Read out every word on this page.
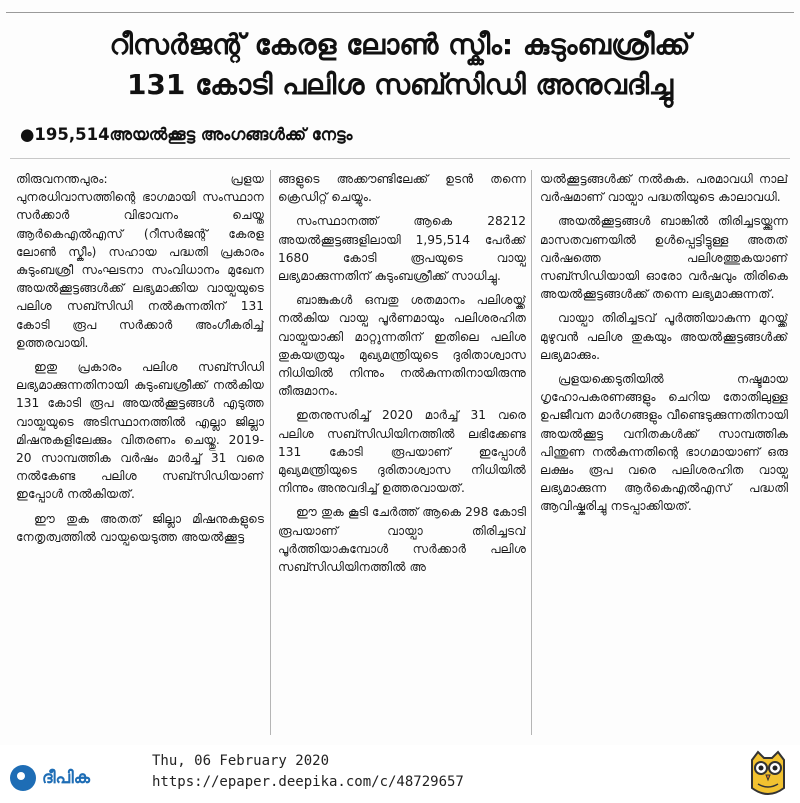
റീസർജന്റ് കേരള ലോൺ സ്കീം: കുടുംബശ്രീക്ക്
131 കോടി പലിശ സബ്സിഡി അനുവദിച്ചു
●195,514അയൽക്കൂട്ട അംഗങ്ങൾക്ക് നേട്ടം

തിരുവനന്തപുരം: പ്രളയ പുനരധിവാസത്തിന്റെ ഭാഗമായി സംസ്ഥാന സർക്കാർ വിഭാവനം ചെയ്ത ആർകെഎൽഎസ് (റീസർജന്റ് കേരള ലോൺ സ്കീം) സഹായ പദ്ധതി പ്രകാരം കുടുംബശ്രീ സംഘടനാ സംവിധാനം മുഖേന അയൽക്കൂട്ടങ്ങൾക്ക് ലഭ്യമാക്കിയ വായ്പയുടെ പലിശ സബ്സിഡി നൽകുന്നതിന് 131 കോടി രൂപ സർക്കാർ അംഗീകരിച്ച് ഉത്തരവായി.

ഇതു പ്രകാരം പലിശ സബ്സിഡി ലഭ്യമാക്കുന്നതിനായി കുടുംബശ്രീക്ക് നൽകിയ 131 കോടി രൂപ അയൽക്കൂട്ടങ്ങൾ എടുത്ത വായ്പയുടെ അടിസ്ഥാനത്തിൽ എല്ലാ ജില്ലാ മിഷനുകളിലേക്കും വിതരണം ചെയ്തു. 2019-20 സാമ്പത്തിക വർഷം മാർച്ച് 31 വരെ നൽകേണ്ട പലിശ സബ്സിഡിയാണ് ഇപ്പോൾ നൽകിയത്.

ഈ തുക അതത് ജില്ലാ മിഷനുകളുടെ നേതൃത്വത്തിൽ വായ്പയെടുത്ത അയൽക്കൂട്ട

ങ്ങളുടെ അക്കൗണ്ടിലേക്ക് ഉടൻ തന്നെ ക്രെഡിറ്റ് ചെയ്യും.

സംസ്ഥാനത്ത് ആകെ 28212 അയൽക്കൂട്ടങ്ങളിലായി 1,95,514 പേർക്ക് 1680 കോടി രൂപയുടെ വായ്പ ലഭ്യമാക്കുന്നതിന് കുടുംബശ്രീക്ക് സാധിച്ചു.

ബാങ്കുകൾ ഒമ്പതു ശതമാനം പലിശയ്ക്ക് നൽകിയ വായ്പ പൂർണമായും പലിശരഹിത വായ്പയാക്കി മാറ്റുന്നതിന് ഇതിലെ പലിശ തുകയത്രയും മുഖ്യമന്ത്രിയുടെ ദുരിതാശ്വാസ നിധിയിൽ നിന്നും നൽകുന്നതിനായിരുന്നു തീരുമാനം.

ഇതനുസരിച്ച് 2020 മാർച്ച് 31 വരെ പലിശ സബ്സിഡിയിനത്തിൽ ലഭിക്കേണ്ട 131 കോടി രൂപയാണ് ഇപ്പോൾ മുഖ്യമന്ത്രിയുടെ ദുരിതാശ്വാസ നിധിയിൽ നിന്നും അനുവദിച്ച് ഉത്തരവായത്.

ഈ തുക കൂടി ചേർത്ത് ആകെ 298 കോടി രൂപയാണ് വായ്പാ തിരിച്ചടവ് പൂർത്തിയാകുമ്പോൾ സർക്കാർ പലിശ സബ്സിഡിയിനത്തിൽ അ

യൽക്കൂട്ടങ്ങൾക്ക് നൽകുക. പരമാവധി നാല് വർഷമാണ് വായ്പാ പദ്ധതിയുടെ കാലാവധി.

അയൽക്കൂട്ടങ്ങൾ ബാങ്കിൽ തിരിച്ചടയ്ക്കുന്ന മാസതവണയിൽ ഉൾപ്പെട്ടിട്ടുള്ള അതത് വർഷത്തെ പലിശത്തുകയാണ് സബ്സിഡിയായി ഓരോ വർഷവും തിരികെ അയൽക്കൂട്ടങ്ങൾക്ക് തന്നെ ലഭ്യമാക്കുന്നത്.

വായ്പാ തിരിച്ചടവ് പൂർത്തിയാകുന്ന മുറയ്ക്ക് മുഴുവൻ പലിശ തുകയും അയൽക്കൂട്ടങ്ങൾക്ക് ലഭ്യമാക്കും.

പ്രളയക്കെടുതിയിൽ നഷ്ടമായ ഗൃഹോപകരണങ്ങളും ചെറിയ തോതിലുള്ള ഉപജീവന മാർഗങ്ങളും വീണ്ടെടുക്കുന്നതിനായി അയൽക്കൂട്ട വനിതകൾക്ക് സാമ്പത്തിക പിന്തുണ നൽകുന്നതിന്റെ ഭാഗമായാണ് ഒരു ലക്ഷം രൂപ വരെ പലിശരഹിത വായ്പ ലഭ്യമാക്കുന്ന ആർകെഎൽഎസ് പദ്ധതി ആവിഷ്കരിച്ചു നടപ്പാക്കിയത്.

ദീപിക
Thu, 06 February 2020
https://epaper.deepika.com/c/48729657
